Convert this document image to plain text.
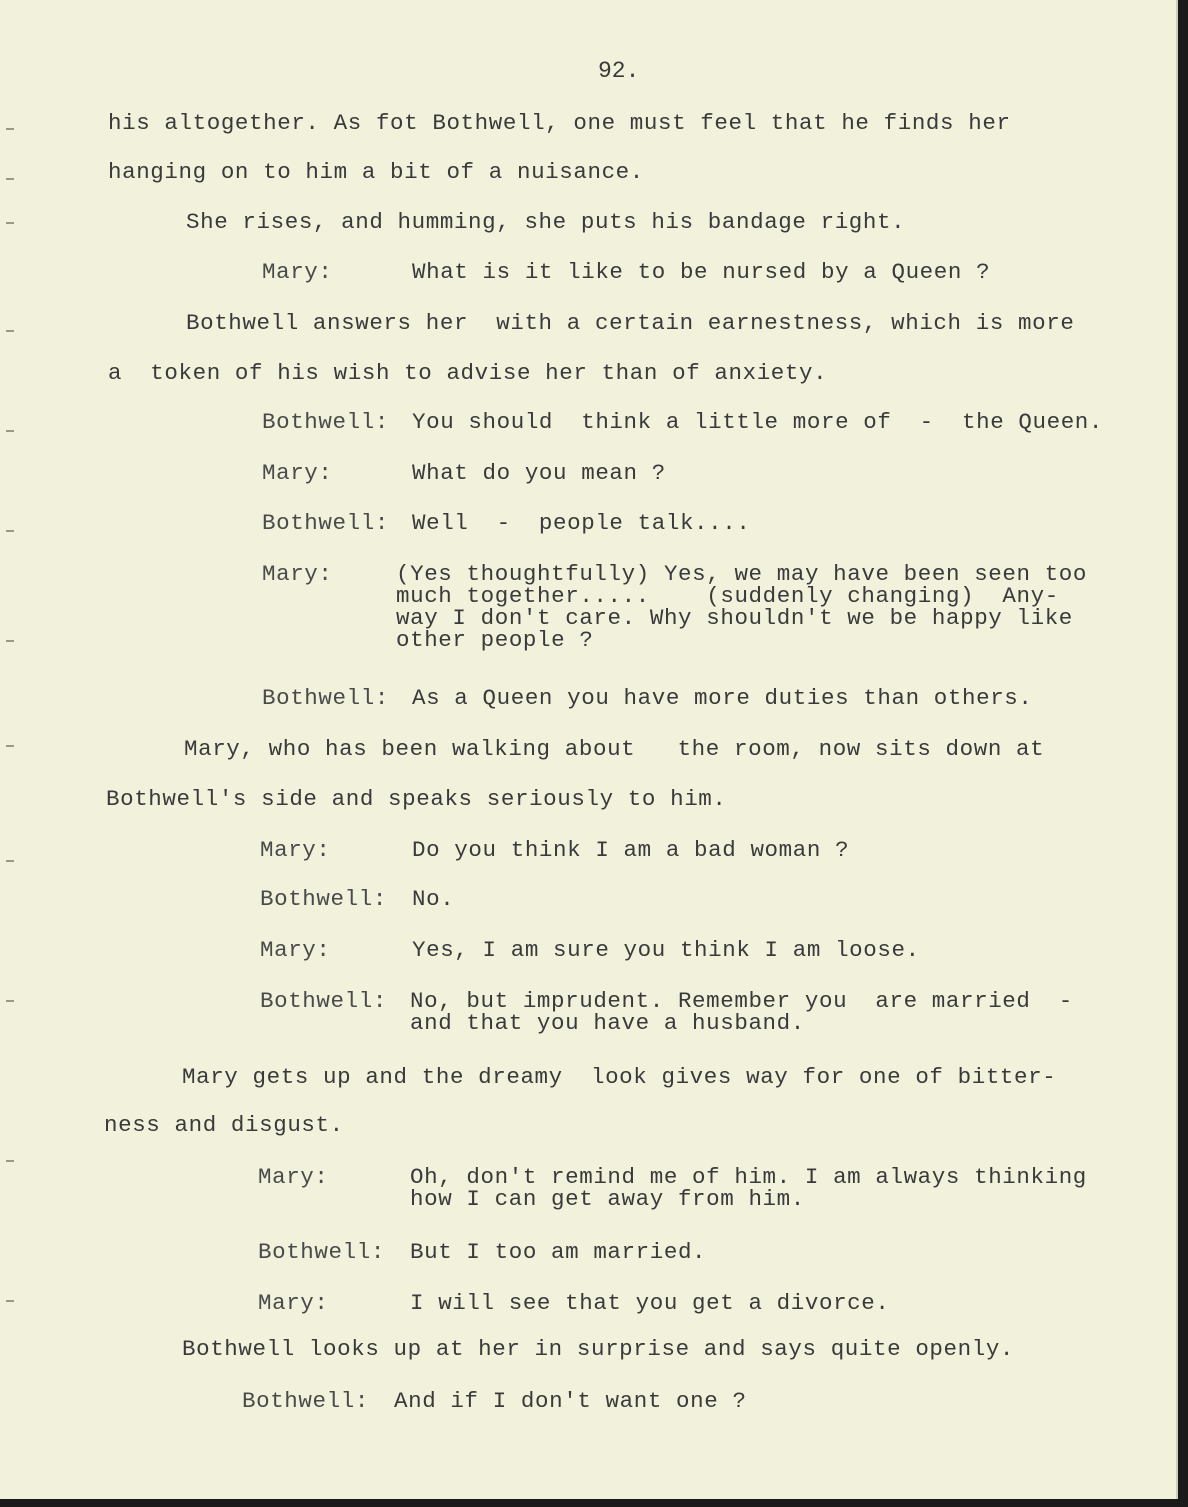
92.
his altogether. As fot Bothwell, one must feel that he finds her
hanging on to him a bit of a nuisance.
She rises, and humming, she puts his bandage right.
Mary:	What is it like to be nursed by a Queen ?
Bothwell answers her  with a certain earnestness, which is more
a  token of his wish to advise her than of anxiety.
Bothwell: You should  think a little more of  -  the Queen.
Mary:	What do you mean ?
Bothwell: Well  -  people talk....
Mary:	(Yes thoughtfully) Yes, we may have been seen too
much together.....    (suddenly changing)  Any-
way I don't care. Why shouldn't we be happy like
other people ?
Bothwell: As a Queen you have more duties than others.
Mary, who has been walking about   the room, now sits down at
Bothwell's side and speaks seriously to him.
Mary:	Do you think I am a bad woman ?
Bothwell: No.
Mary:	Yes, I am sure you think I am loose.
Bothwell: No, but imprudent. Remember you  are married  -
and that you have a husband.
Mary gets up and the dreamy  look gives way for one of bitter-
ness and disgust.
Mary:	Oh, don't remind me of him. I am always thinking
how I can get away from him.
Bothwell: But I too am married.
Mary:	I will see that you get a divorce.
Bothwell looks up at her in surprise and says quite openly.
Bothwell: And if I don't want one ?
